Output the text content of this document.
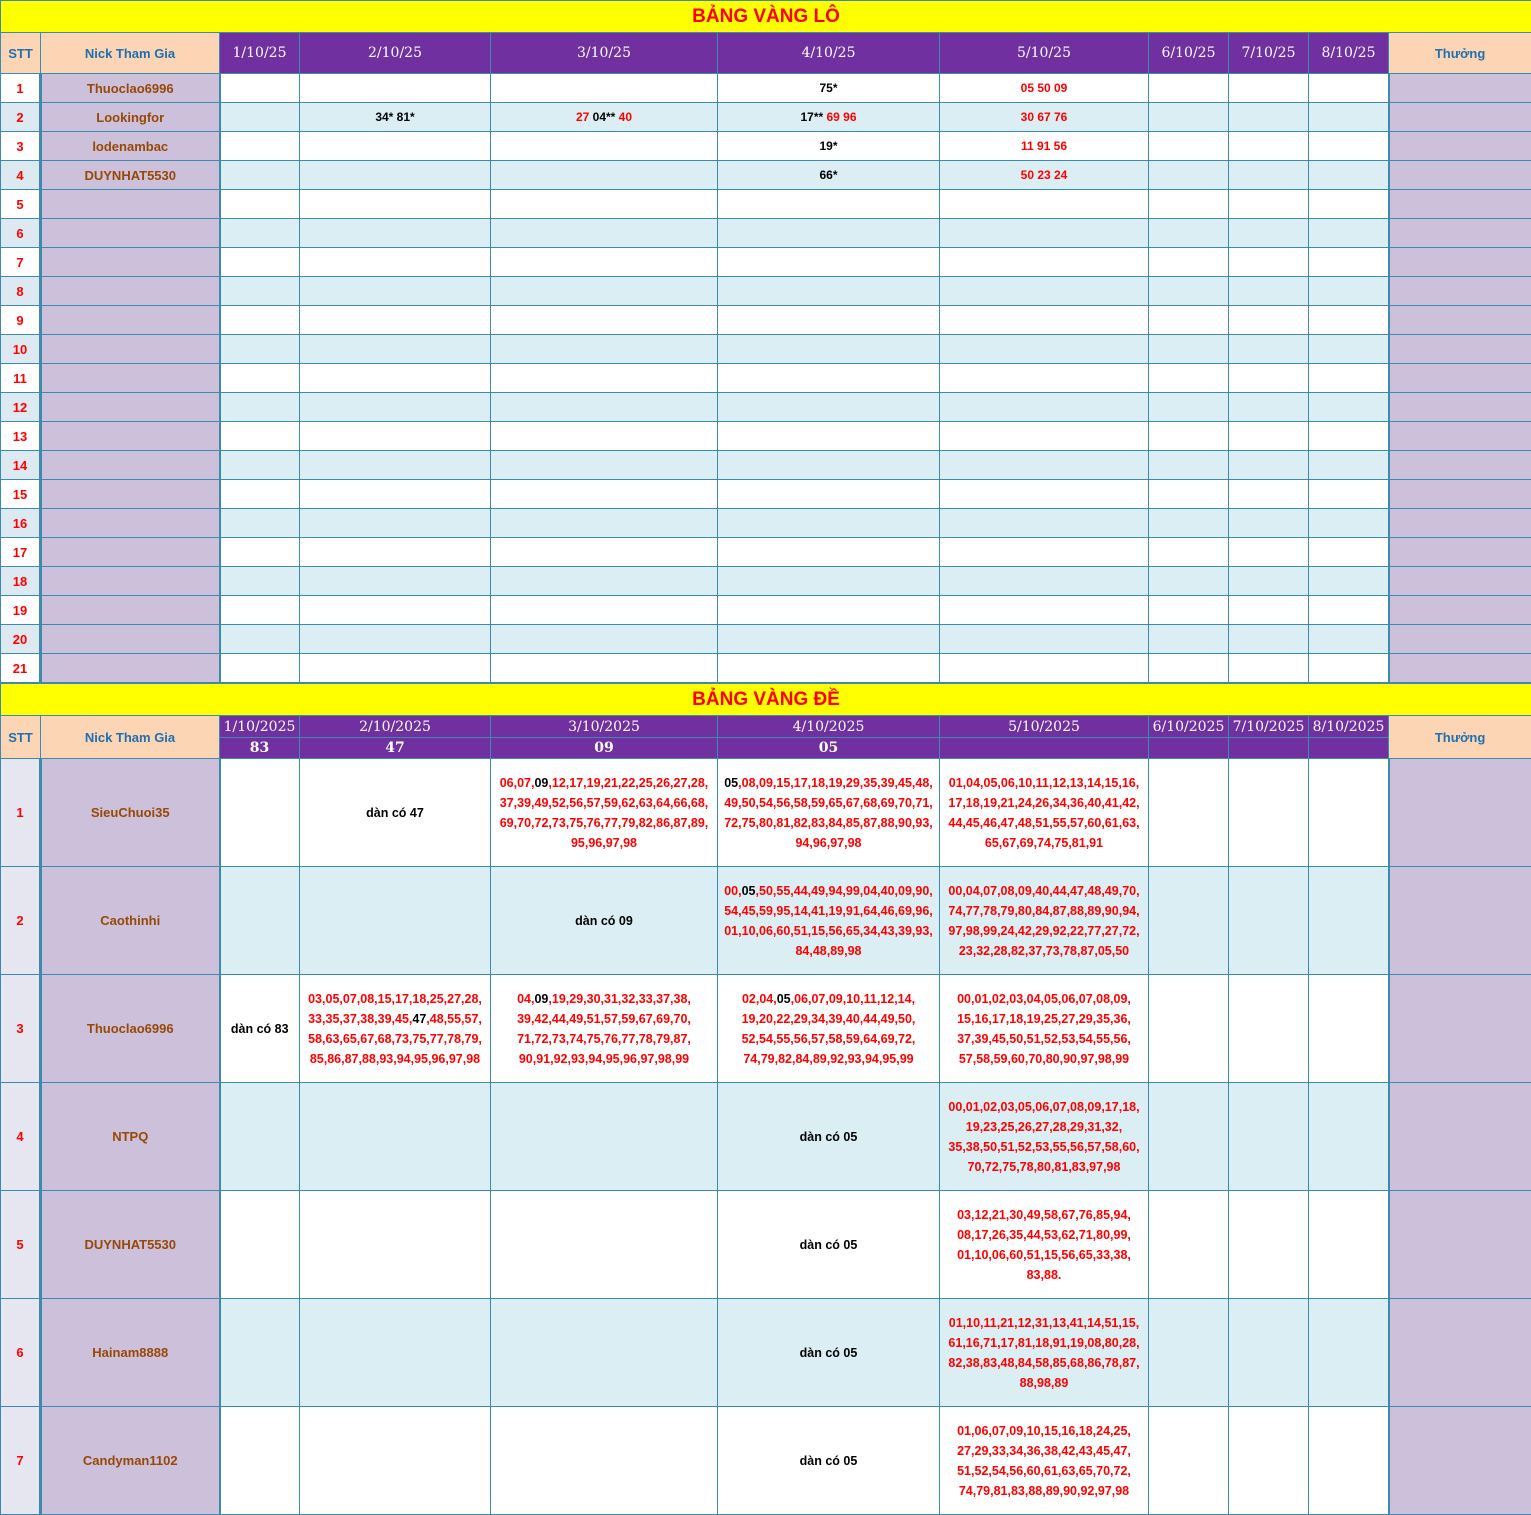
BẢNG VÀNG LÔ										
STT	Nick Tham Gia	1/10/25	2/10/25	3/10/25	4/10/25	5/10/25	6/10/25	7/10/25	8/10/25	Thưởng
1	Thuoclao6996				75*	05 50 09				
2	Lookingfor		34* 81*	27 04** 40	17** 69 96	30 67 76				
3	lodenambac				19*	11 91 56				
4	DUYNHAT5530				66*	50 23 24				
5										
6										
7										
8										
9										
10										
11										
12										
13										
14										
15										
16										
17										
18										
19										
20										
21										
BẢNG VÀNG ĐỀ										
STT	Nick Tham Gia	1/10/2025	2/10/2025	3/10/2025	4/10/2025	5/10/2025	6/10/2025	7/10/2025	8/10/2025	Thưởng
		83	47	09	05					
1	SieuChuoi35		dàn có 47	06,07,09,12,17,19,21,22,25,26,27,28,
37,39,49,52,56,57,59,62,63,64,66,68,
69,70,72,73,75,76,77,79,82,86,87,89,
95,96,97,98	05,08,09,15,17,18,19,29,35,39,45,48,
49,50,54,56,58,59,65,67,68,69,70,71,
72,75,80,81,82,83,84,85,87,88,90,93,
94,96,97,98	01,04,05,06,10,11,12,13,14,15,16,
17,18,19,21,24,26,34,36,40,41,42,
44,45,46,47,48,51,55,57,60,61,63,
65,67,69,74,75,81,91				
2	Caothinhi			dàn có 09	00,05,50,55,44,49,94,99,04,40,09,90,
54,45,59,95,14,41,19,91,64,46,69,96,
01,10,06,60,51,15,56,65,34,43,39,93,
84,48,89,98	00,04,07,08,09,40,44,47,48,49,70,
74,77,78,79,80,84,87,88,89,90,94,
97,98,99,24,42,29,92,22,77,27,72,
23,32,28,82,37,73,78,87,05,50				
3	Thuoclao6996	dàn có 83	03,05,07,08,15,17,18,25,27,28,
33,35,37,38,39,45,47,48,55,57,
58,63,65,67,68,73,75,77,78,79,
85,86,87,88,93,94,95,96,97,98	04,09,19,29,30,31,32,33,37,38,
39,42,44,49,51,57,59,67,69,70,
71,72,73,74,75,76,77,78,79,87,
90,91,92,93,94,95,96,97,98,99	02,04,05,06,07,09,10,11,12,14,
19,20,22,29,34,39,40,44,49,50,
52,54,55,56,57,58,59,64,69,72,
74,79,82,84,89,92,93,94,95,99	00,01,02,03,04,05,06,07,08,09,
15,16,17,18,19,25,27,29,35,36,
37,39,45,50,51,52,53,54,55,56,
57,58,59,60,70,80,90,97,98,99				
4	NTPQ				dàn có 05	00,01,02,03,05,06,07,08,09,17,18,
19,23,25,26,27,28,29,31,32,
35,38,50,51,52,53,55,56,57,58,60,
70,72,75,78,80,81,83,97,98				
5	DUYNHAT5530				dàn có 05	03,12,21,30,49,58,67,76,85,94,
08,17,26,35,44,53,62,71,80,99,
01,10,06,60,51,15,56,65,33,38,
83,88.				
6	Hainam8888				dàn có 05	01,10,11,21,12,31,13,41,14,51,15,
61,16,71,17,81,18,91,19,08,80,28,
82,38,83,48,84,58,85,68,86,78,87,
88,98,89				
7	Candyman1102				dàn có 05	01,06,07,09,10,15,16,18,24,25,
27,29,33,34,36,38,42,43,45,47,
51,52,54,56,60,61,63,65,70,72,
74,79,81,83,88,89,90,92,97,98				
